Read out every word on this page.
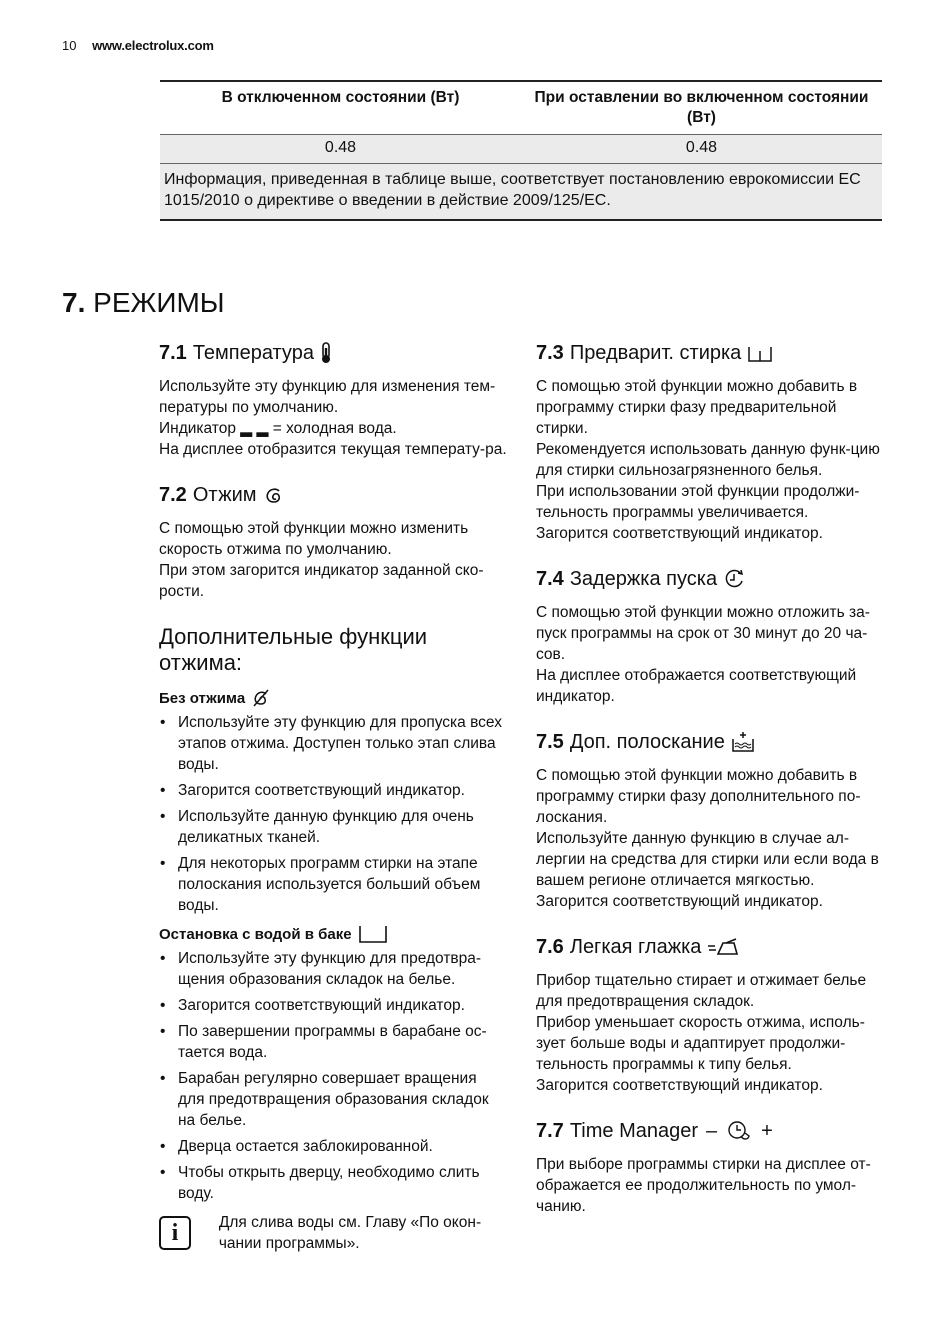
10 www.electrolux.com
В отключенном состоянии (Вт)	При оставлении во включенном состоянии (Вт)
0.48	0.48
Информация, приведенная в таблице выше, соответствует постановлению еврокомиссии ЕС 1015/2010 о директиве о введении в действие 2009/125/EC.
7. РЕЖИМЫ
7.1 Температура

Используйте эту функцию для изменения тем-пературы по умолчанию.

Индикатор ▂ ▂ = холодная вода.

На дисплее отобразится текущая температу-ра.

7.2 Отжим

С помощью этой функции можно изменить скорость отжима по умолчанию.

При этом загорится индикатор заданной ско-рости.

Дополнительные функции отжима:
Без отжима
• Используйте эту функцию для пропуска всех этапов отжима. Доступен только этап слива воды.
• Загорится соответствующий индикатор.
• Используйте данную функцию для очень деликатных тканей.
• Для некоторых программ стирки на этапе полоскания используется больший объем воды.
Остановка с водой в баке
• Используйте эту функцию для предотвра-щения образования складок на белье.
• Загорится соответствующий индикатор.
• По завершении программы в барабане ос-тается вода.
• Барабан регулярно совершает вращения для предотвращения образования складок на белье.
• Дверца остается заблокированной.
• Чтобы открыть дверцу, необходимо слить воду.
i	Для слива воды см. Главу «По окон-чании программы».
7.3 Предварит. стирка

С помощью этой функции можно добавить в программу стирки фазу предварительной стирки.

Рекомендуется использовать данную функ-цию для стирки сильнозагрязненного белья.

При использовании этой функции продолжи-тельность программы увеличивается.

Загорится соответствующий индикатор.

7.4 Задержка пуска

С помощью этой функции можно отложить за-пуск программы на срок от 30 минут до 20 ча-сов.

На дисплее отображается соответствующий индикатор.

7.5 Доп. полоскание

С помощью этой функции можно добавить в программу стирки фазу дополнительного по-лоскания.

Используйте данную функцию в случае ал-лергии на средства для стирки или если вода в вашем регионе отличается мягкостью.

Загорится соответствующий индикатор.

7.6 Легкая глажка

Прибор тщательно стирает и отжимает белье для предотвращения складок.

Прибор уменьшает скорость отжима, исполь-зует больше воды и адаптирует продолжи-тельность программы к типу белья.

Загорится соответствующий индикатор.

7.7 Time Manager – +

При выборе программы стирки на дисплее от-ображается ее продолжительность по умол-чанию.
